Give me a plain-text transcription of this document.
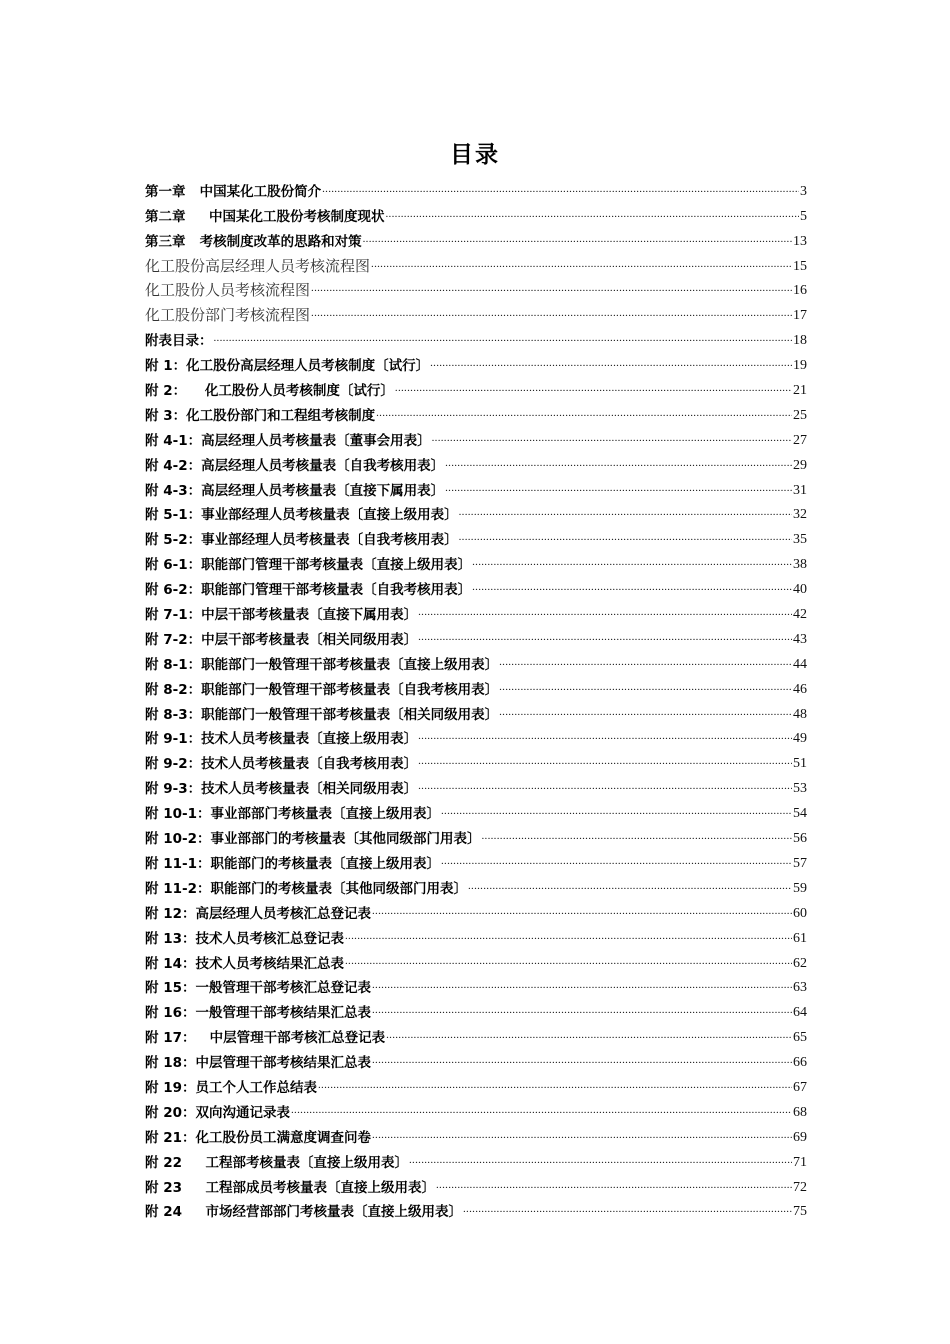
目录
第一章   中国某化工股份简介 .....	3
第二章     中国某化工股份考核制度现状 .....	5
第三章   考核制度改革的思路和对策 .....	13
化工股份高层经理人员考核流程图 .....	15
化工股份人员考核流程图 .....	16
化工股份部门考核流程图 .....	17
附表目录： .....	18
附 1：化工股份高层经理人员考核制度〔试行〕 .....	19
附 2：    化工股份人员考核制度〔试行〕 .....	21
附 3：化工股份部门和工程组考核制度 .....	25
附 4-1：高层经理人员考核量表〔董事会用表〕 .....	27
附 4-2：高层经理人员考核量表〔自我考核用表〕 .....	29
附 4-3：高层经理人员考核量表〔直接下属用表〕 .....	31
附 5-1：事业部经理人员考核量表〔直接上级用表〕 .....	32
附 5-2：事业部经理人员考核量表〔自我考核用表〕 .....	35
附 6-1：职能部门管理干部考核量表〔直接上级用表〕 .....	38
附 6-2：职能部门管理干部考核量表〔自我考核用表〕 .....	40
附 7-1：中层干部考核量表〔直接下属用表〕 .....	42
附 7-2：中层干部考核量表〔相关同级用表〕 .....	43
附 8-1：职能部门一般管理干部考核量表〔直接上级用表〕 .....	44
附 8-2：职能部门一般管理干部考核量表〔自我考核用表〕 .....	46
附 8-3：职能部门一般管理干部考核量表〔相关同级用表〕 .....	48
附 9-1：技术人员考核量表〔直接上级用表〕 .....	49
附 9-2：技术人员考核量表〔自我考核用表〕 .....	51
附 9-3：技术人员考核量表〔相关同级用表〕 .....	53
附 10-1：事业部部门考核量表〔直接上级用表〕 .....	54
附 10-2：事业部部门的考核量表〔其他同级部门用表〕 .....	56
附 11-1：职能部门的考核量表〔直接上级用表〕 .....	57
附 11-2：职能部门的考核量表〔其他同级部门用表〕 .....	59
附 12：高层经理人员考核汇总登记表 .....	60
附 13：技术人员考核汇总登记表 .....	61
附 14：技术人员考核结果汇总表 .....	62
附 15：一般管理干部考核汇总登记表 .....	63
附 16：一般管理干部考核结果汇总表 .....	64
附 17：   中层管理干部考核汇总登记表 .....	65
附 18：中层管理干部考核结果汇总表 .....	66
附 19：员工个人工作总结表 .....	67
附 20：双向沟通记录表 .....	68
附 21：化工股份员工满意度调查问卷 .....	69
附 22     工程部考核量表〔直接上级用表〕 .....	71
附 23     工程部成员考核量表〔直接上级用表〕 .....	72
附 24     市场经营部部门考核量表〔直接上级用表〕 .....	75
